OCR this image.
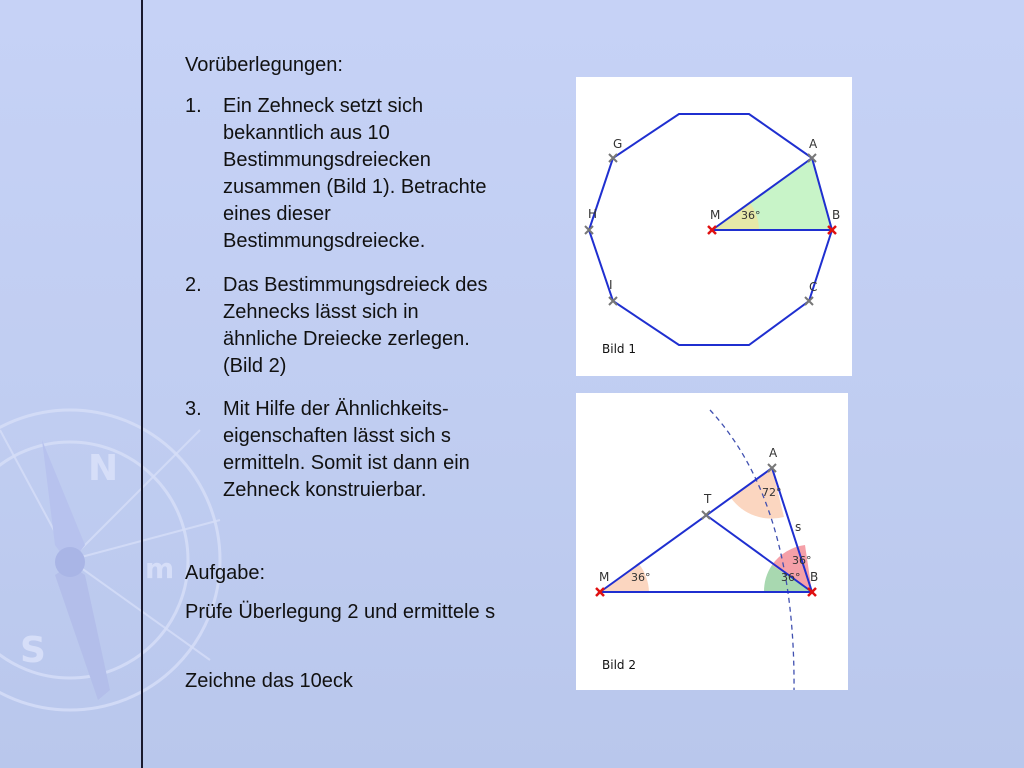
N
S
m
Vorüberlegungen:
1.	Ein Zehneck setzt sich bekanntlich aus 10 Bestimmungsdreiecken zusammen (Bild 1). Betrachte eines dieser Bestimmungsdreiecke.
2.	Das Bestimmungsdreieck des Zehnecks lässt sich in ähnliche Dreiecke zerlegen. (Bild 2)
3.	Mit Hilfe der Ähnlichkeits-eigenschaften lässt sich s ermitteln. Somit ist dann ein Zehneck konstruierbar.
Aufgabe:
Prüfe Überlegung 2 und ermittele s
Zeichne das 10eck
A
B
C
G
H
I
M 36°
Bild 1
A
T
M	B
s
72°
36°
36°
36°
Bild 2
